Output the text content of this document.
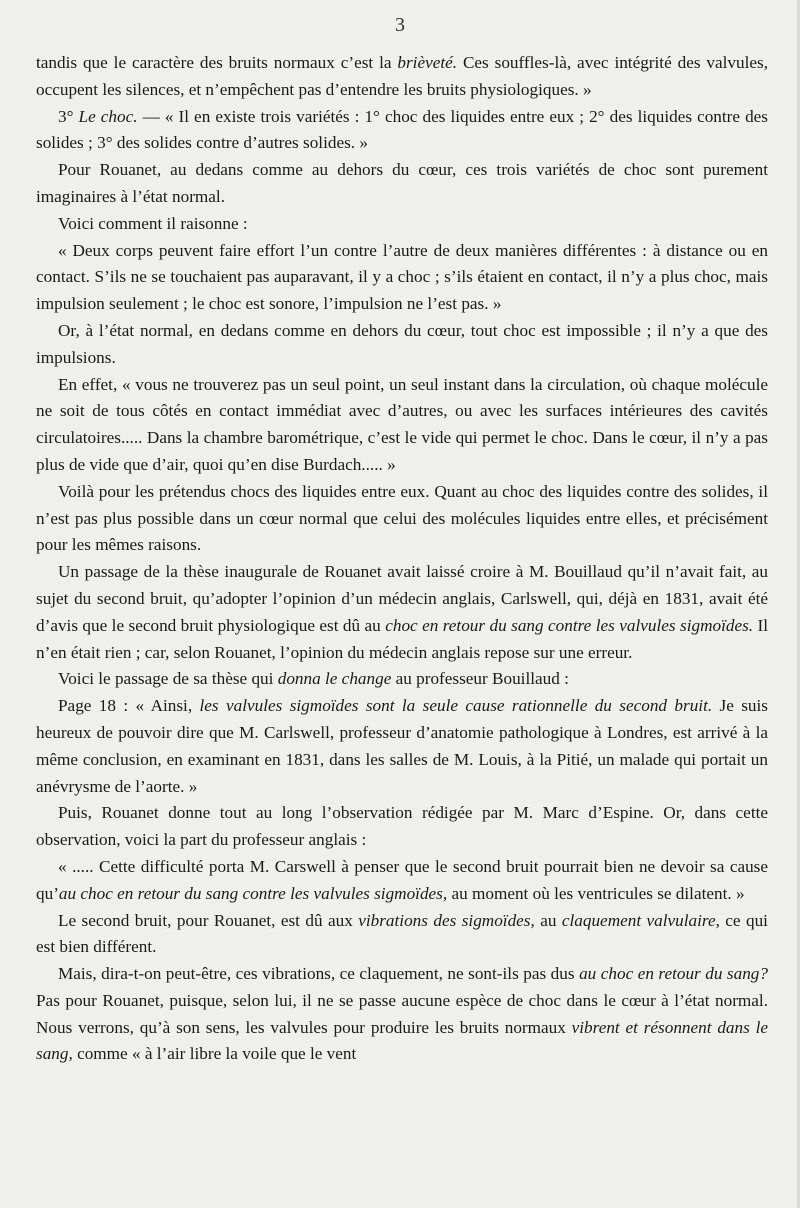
3

tandis que le caractère des bruits normaux c’est la brièveté. Ces souffles-là, avec intégrité des valvules, occupent les silences, et n’empêchent pas d’entendre les bruits physiologiques. »

3° Le choc. — « Il en existe trois variétés : 1° choc des liquides entre eux ; 2° des liquides contre des solides ; 3° des solides contre d’autres solides. »

Pour Rouanet, au dedans comme au dehors du cœur, ces trois variétés de choc sont purement imaginaires à l’état normal.

Voici comment il raisonne :

« Deux corps peuvent faire effort l’un contre l’autre de deux manières différentes : à distance ou en contact. S’ils ne se touchaient pas auparavant, il y a choc ; s’ils étaient en contact, il n’y a plus choc, mais impulsion seulement ; le choc est sonore, l’impulsion ne l’est pas. »

Or, à l’état normal, en dedans comme en dehors du cœur, tout choc est impossible ; il n’y a que des impulsions.

En effet, « vous ne trouverez pas un seul point, un seul instant dans la circulation, où chaque molécule ne soit de tous côtés en contact immédiat avec d’autres, ou avec les surfaces intérieures des cavités circulatoires..... Dans la chambre barométrique, c’est le vide qui permet le choc. Dans le cœur, il n’y a pas plus de vide que d’air, quoi qu’en dise Burdach..... »

Voilà pour les prétendus chocs des liquides entre eux. Quant au choc des liquides contre des solides, il n’est pas plus possible dans un cœur normal que celui des molécules liquides entre elles, et précisément pour les mêmes raisons.

Un passage de la thèse inaugurale de Rouanet avait laissé croire à M. Bouillaud qu’il n’avait fait, au sujet du second bruit, qu’adopter l’opinion d’un médecin anglais, Carlswell, qui, déjà en 1831, avait été d’avis que le second bruit physiologique est dû au choc en retour du sang contre les valvules sigmoïdes. Il n’en était rien ; car, selon Rouanet, l’opinion du médecin anglais repose sur une erreur.

Voici le passage de sa thèse qui donna le change au professeur Bouillaud :

Page 18 : « Ainsi, les valvules sigmoïdes sont la seule cause rationnelle du second bruit. Je suis heureux de pouvoir dire que M. Carlswell, professeur d’anatomie pathologique à Londres, est arrivé à la même conclusion, en examinant en 1831, dans les salles de M. Louis, à la Pitié, un malade qui portait un anévrysme de l’aorte. »

Puis, Rouanet donne tout au long l’observation rédigée par M. Marc d’Espine. Or, dans cette observation, voici la part du professeur anglais :

« ..... Cette difficulté porta M. Carswell à penser que le second bruit pourrait bien ne devoir sa cause qu’au choc en retour du sang contre les valvules sigmoïdes, au moment où les ventricules se dilatent. »

Le second bruit, pour Rouanet, est dû aux vibrations des sigmoïdes, au claquement valvulaire, ce qui est bien différent.

Mais, dira-t-on peut-être, ces vibrations, ce claquement, ne sont-ils pas dus au choc en retour du sang? Pas pour Rouanet, puisque, selon lui, il ne se passe aucune espèce de choc dans le cœur à l’état normal. Nous verrons, qu’à son sens, les valvules pour produire les bruits normaux vibrent et résonnent dans le sang, comme « à l’air libre la voile que le vent
